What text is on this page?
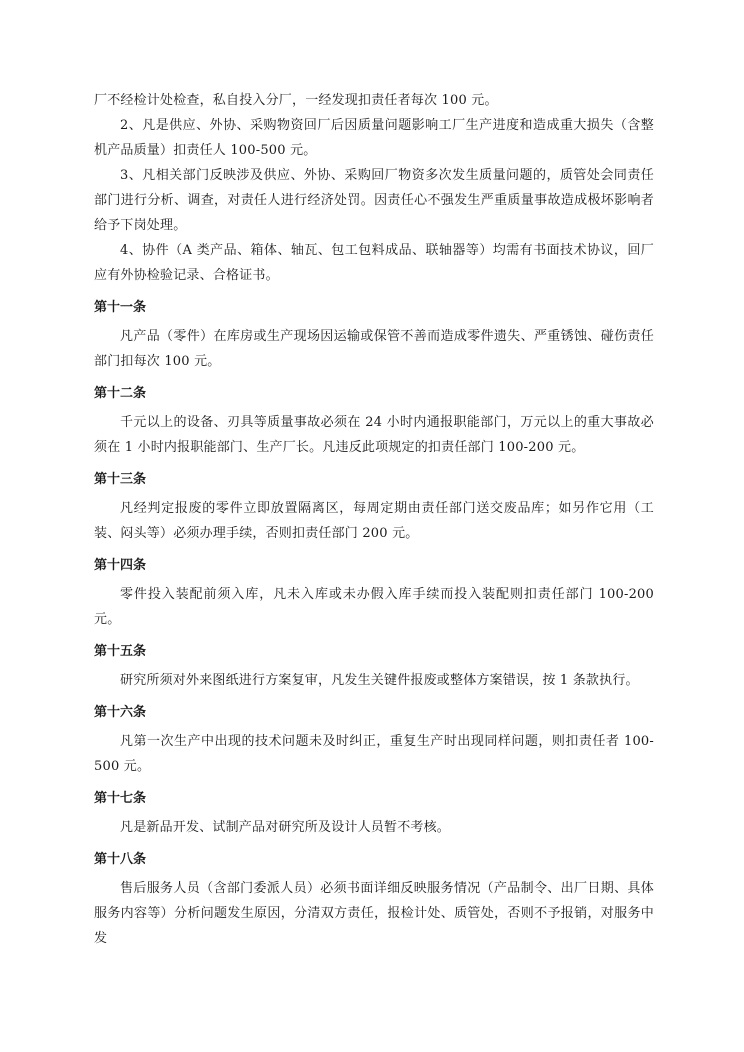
厂不经检计处检查，私自投入分厂，一经发现扣责任者每次 100 元。

2、凡是供应、外协、采购物资回厂后因质量问题影响工厂生产进度和造成重大损失（含整机产品质量）扣责任人 100-500 元。

3、凡相关部门反映涉及供应、外协、采购回厂物资多次发生质量问题的，质管处会同责任部门进行分析、调查，对责任人进行经济处罚。因责任心不强发生严重质量事故造成极坏影响者给予下岗处理。

4、协件（A 类产品、箱体、轴瓦、包工包料成品、联轴器等）均需有书面技术协议，回厂应有外协检验记录、合格证书。

第十一条

凡产品（零件）在库房或生产现场因运输或保管不善而造成零件遗失、严重锈蚀、碰伤责任部门扣每次 100 元。

第十二条

千元以上的设备、刃具等质量事故必须在 24 小时内通报职能部门，万元以上的重大事故必须在 1 小时内报职能部门、生产厂长。凡违反此项规定的扣责任部门 100-200 元。

第十三条

凡经判定报废的零件立即放置隔离区，每周定期由责任部门送交废品库；如另作它用（工装、闷头等）必须办理手续，否则扣责任部门 200 元。

第十四条

零件投入装配前须入库，凡未入库或未办假入库手续而投入装配则扣责任部门 100-200 元。

第十五条

研究所须对外来图纸进行方案复审，凡发生关键件报废或整体方案错误，按 1 条款执行。

第十六条

凡第一次生产中出现的技术问题未及时纠正，重复生产时出现同样问题，则扣责任者 100-500 元。

第十七条

凡是新品开发、试制产品对研究所及设计人员暂不考核。

第十八条

售后服务人员（含部门委派人员）必须书面详细反映服务情况（产品制令、出厂日期、具体服务内容等）分析问题发生原因，分清双方责任，报检计处、质管处，否则不予报销，对服务中发
